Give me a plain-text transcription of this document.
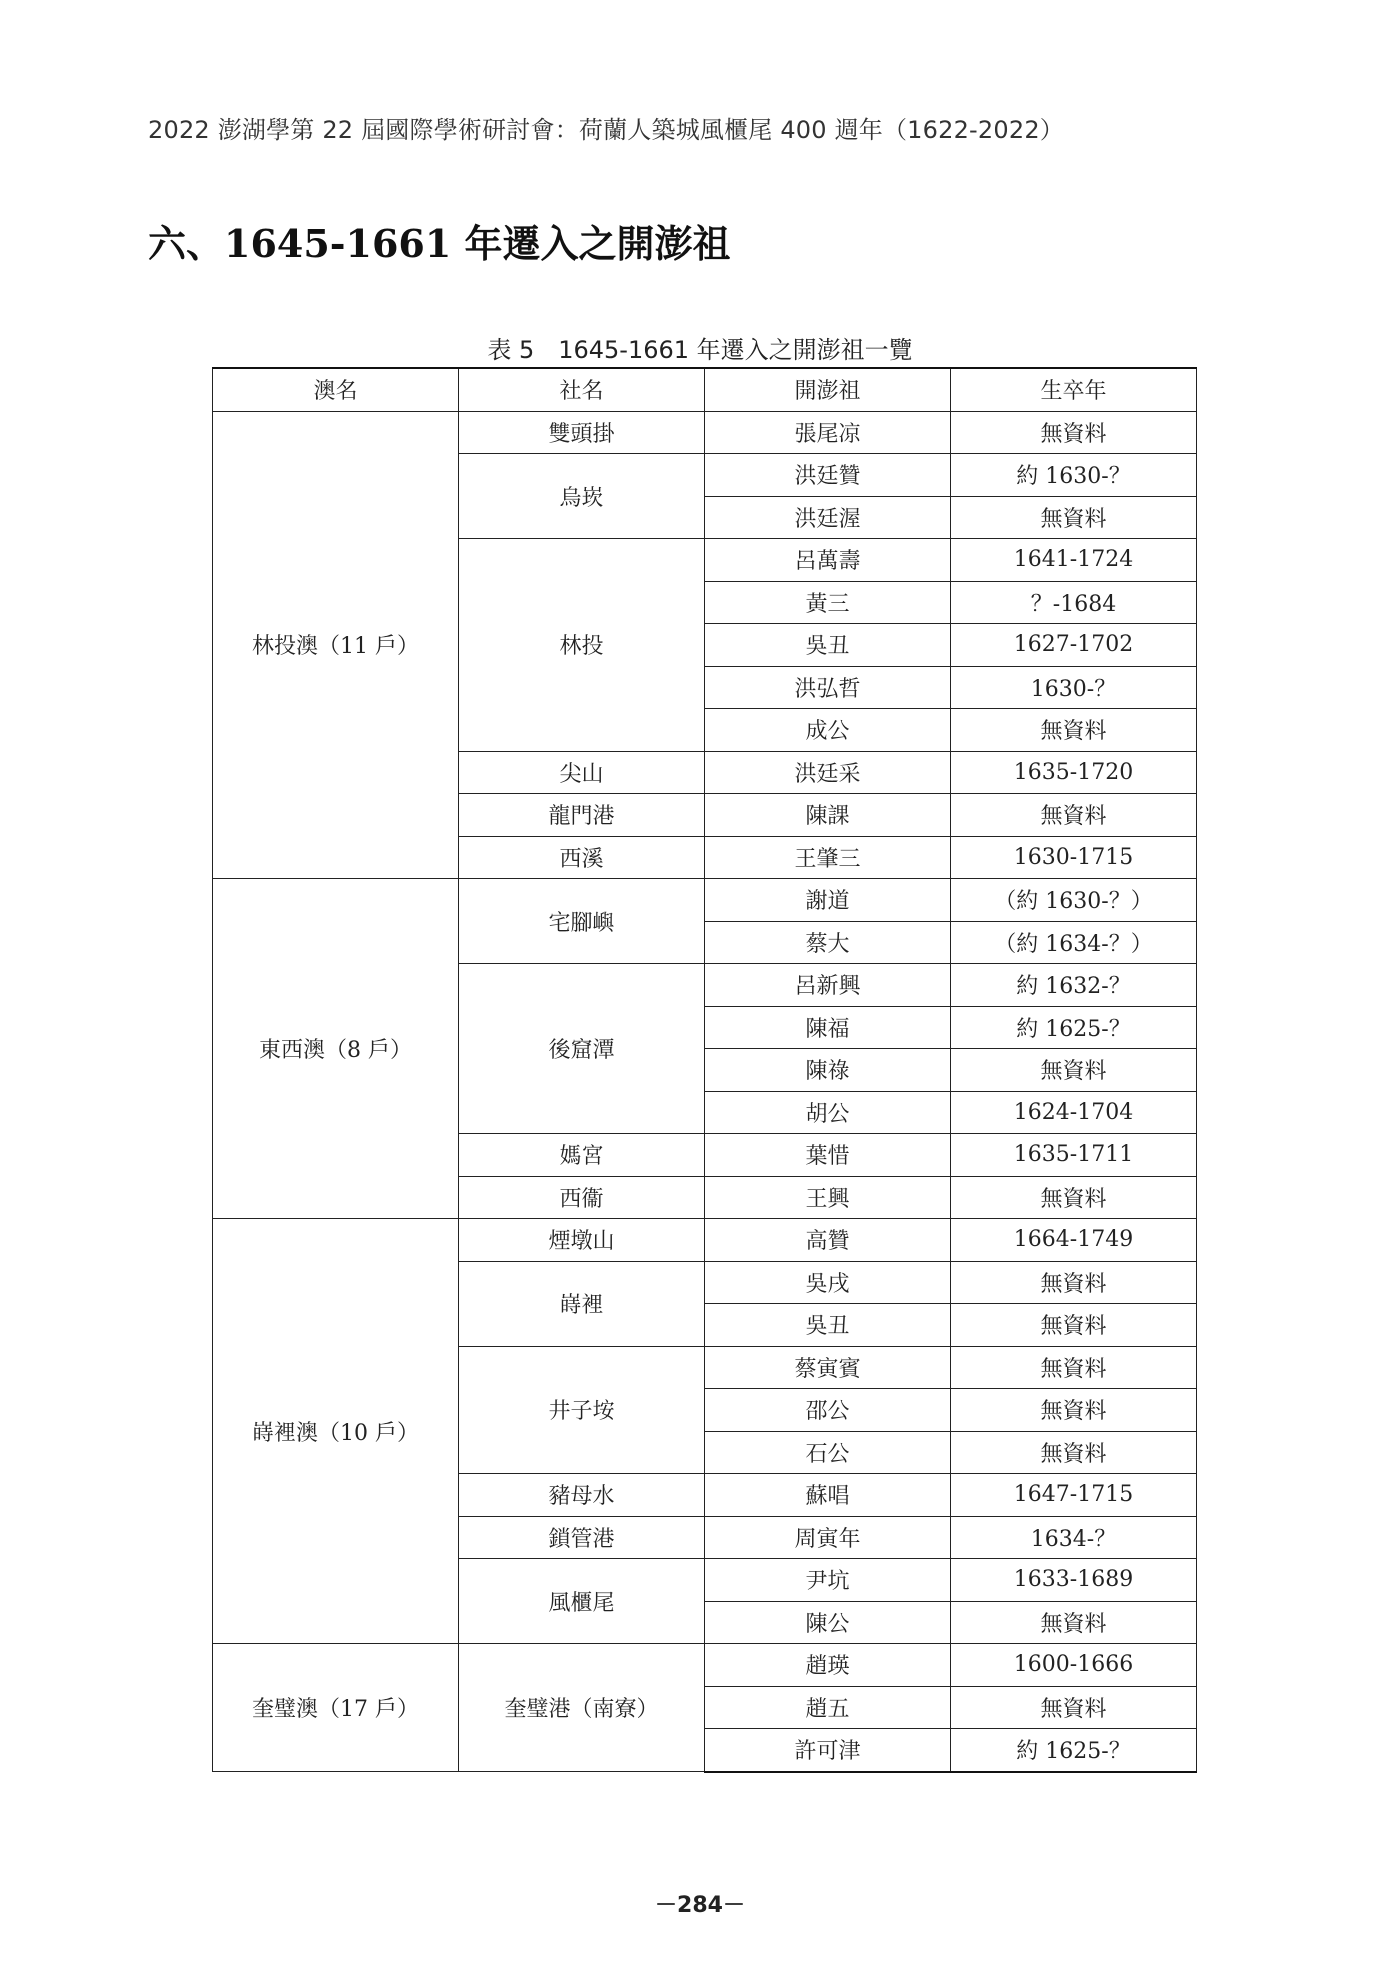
2022 澎湖學第 22 屆國際學術研討會：荷蘭人築城風櫃尾 400 週年（1622-2022）
六、1645-1661 年遷入之開澎祖
表 5　1645-1661 年遷入之開澎祖一覽
澳名	社名	開澎祖	生卒年
林投澳（11 戶）	雙頭掛	張尾凉	無資料
	烏崁	洪廷贊	約 1630-？
		洪廷渥	無資料
	林投	呂萬壽	1641-1724
		黃三	？-1684
		吳丑	1627-1702
		洪弘哲	1630-？
		成公	無資料
	尖山	洪廷采	1635-1720
	龍門港	陳課	無資料
	西溪	王肇三	1630-1715
東西澳（8 戶）	宅腳嶼	謝道	（約 1630-？）
		蔡大	（約 1634-？）
	後窟潭	呂新興	約 1632-？
		陳福	約 1625-？
		陳祿	無資料
		胡公	1624-1704
	媽宮	葉惜	1635-1711
	西衞	王興	無資料
嵵裡澳（10 戶）	煙墩山	高贊	1664-1749
	嵵裡	吳戌	無資料
		吳丑	無資料
	井子垵	蔡寅賓	無資料
		邵公	無資料
		石公	無資料
	豬母水	蘇唱	1647-1715
	鎖管港	周寅年	1634-？
	風櫃尾	尹坑	1633-1689
		陳公	無資料
奎璧澳（17 戶）	奎璧港（南寮）	趙瑛	1600-1666
		趙五	無資料
		許可津	約 1625-？
－284－
